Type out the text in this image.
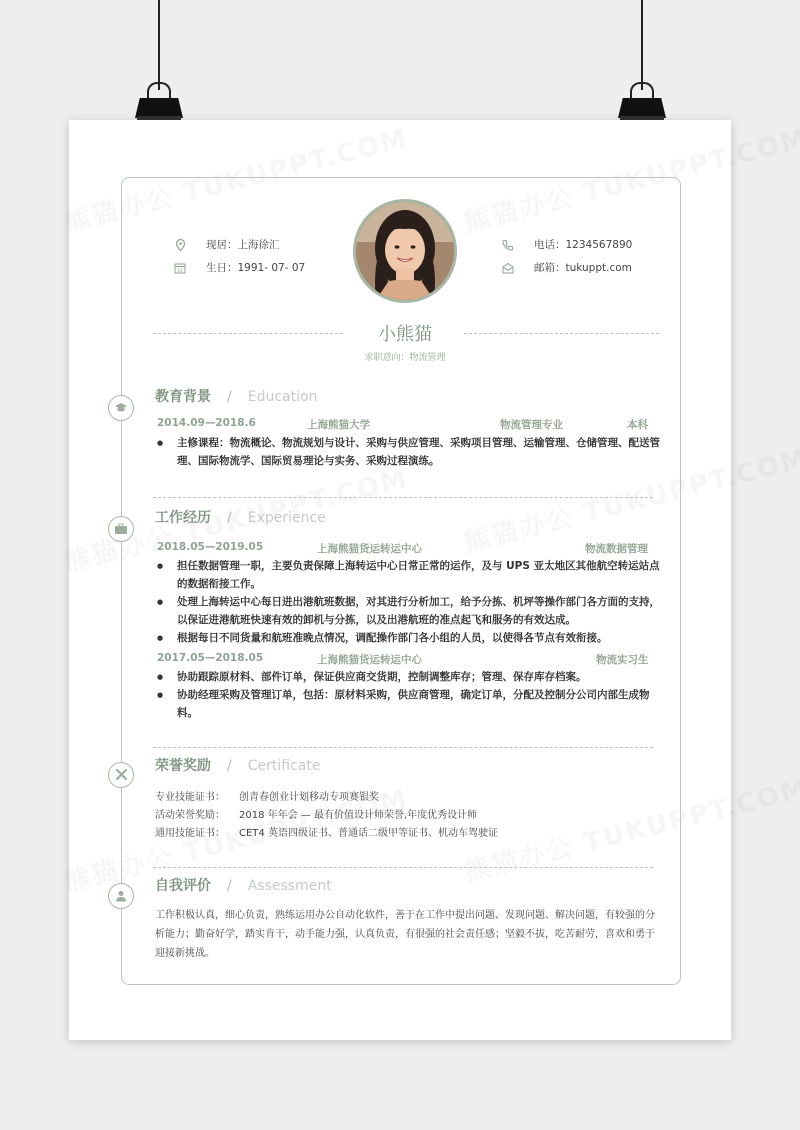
现居： 上海徐汇
31 生日： 1991- 07- 07
电话： 1234567890
邮箱： tukuppt.com
小熊猫
求职意向：物流管理
教育背景 / Education
2014.09—2018.6	上海熊猫大学	物流管理专业	本科
● 主修课程：物流概论、物流规划与设计、采购与供应管理、采购项目管理、运输管理、仓储管理、配送管理、国际物流学、国际贸易理论与实务、采购过程演练。
工作经历 / Experience
2018.05—2019.05	上海熊猫货运转运中心	物流数据管理
● 担任数据管理一职，主要负责保障上海转运中心日常正常的运作，及与 UPS 亚太地区其他航空转运站点的数据衔接工作。
● 处理上海转运中心每日进出港航班数据，对其进行分析加工，给予分拣、机坪等操作部门各方面的支持，以保证进港航班快速有效的卸机与分拣，以及出港航班的准点起飞和服务的有效达成。
● 根据每日不同货量和航班准晚点情况，调配操作部门各小组的人员，以使得各节点有效衔接。
2017.05—2018.05	上海熊猫货运转运中心	物流实习生
● 协助跟踪原材料、部件订单，保证供应商交货期，控制调整库存；管理、保存库存档案。
● 协助经理采购及管理订单，包括：原材料采购，供应商管理，确定订单，分配及控制分公司内部生成物料。
荣誉奖励 / Certificate
专业技能证书：	创青春创业计划移动专项赛银奖
活动荣誉奖励：	2018 年年会 — 最有价值设计师荣誉,年度优秀设计师
通用技能证书：	CET4 英语四级证书、普通话二级甲等证书、机动车驾驶证
自我评价 / Assessment
工作积极认真，细心负责，熟练运用办公自动化软件，善于在工作中提出问题、发现问题、解决问题，有较强的分析能力；勤奋好学，踏实肯干，动手能力强，认真负责，有很强的社会责任感；坚毅不拔，吃苦耐劳，喜欢和勇于迎接新挑战。
